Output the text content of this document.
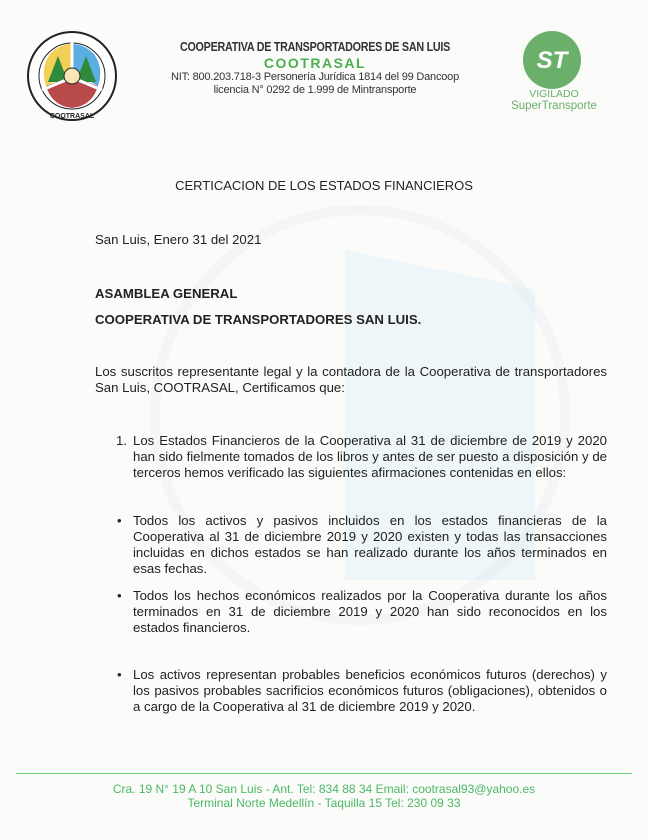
COOTRASAL
COOPERATIVA DE TRANSPORTADORES DE SAN LUIS
COOTRASAL
NIT: 800.203.718-3 Personería Jurídica 1814 del 99 Dancoop
licencia N° 0292 de 1.999 de Mintransporte
ST
VIGILADO
SuperTransporte
CERTICACION DE LOS ESTADOS FINANCIEROS
San Luis, Enero 31 del 2021
ASAMBLEA GENERAL
COOPERATIVA DE TRANSPORTADORES SAN LUIS.
Los suscritos representante legal y la contadora de la Cooperativa de transportadores San Luis, COOTRASAL, Certificamos que:
1. Los Estados Financieros de la Cooperativa al 31 de diciembre de 2019 y 2020 han sido fielmente tomados de los libros y antes de ser puesto a disposición y de terceros hemos verificado las siguientes afirmaciones contenidas en ellos:
• Todos los activos y pasivos incluidos en los estados financieras de la Cooperativa al 31 de diciembre 2019 y 2020 existen y todas las transacciones incluidas en dichos estados se han realizado durante los años terminados en esas fechas.
• Todos los hechos económicos realizados por la Cooperativa durante los años terminados en 31 de diciembre 2019 y 2020 han sido reconocidos en los estados financieros.
• Los activos representan probables beneficios económicos futuros (derechos) y los pasivos probables sacrificios económicos futuros (obligaciones), obtenidos o a cargo de la Cooperativa al 31 de diciembre 2019 y 2020.
Cra. 19 N° 19 A 10 San Luis - Ant. Tel: 834 88 34 Email: cootrasal93@yahoo.es
Terminal Norte Medellín - Taquilla 15 Tel: 230 09 33
